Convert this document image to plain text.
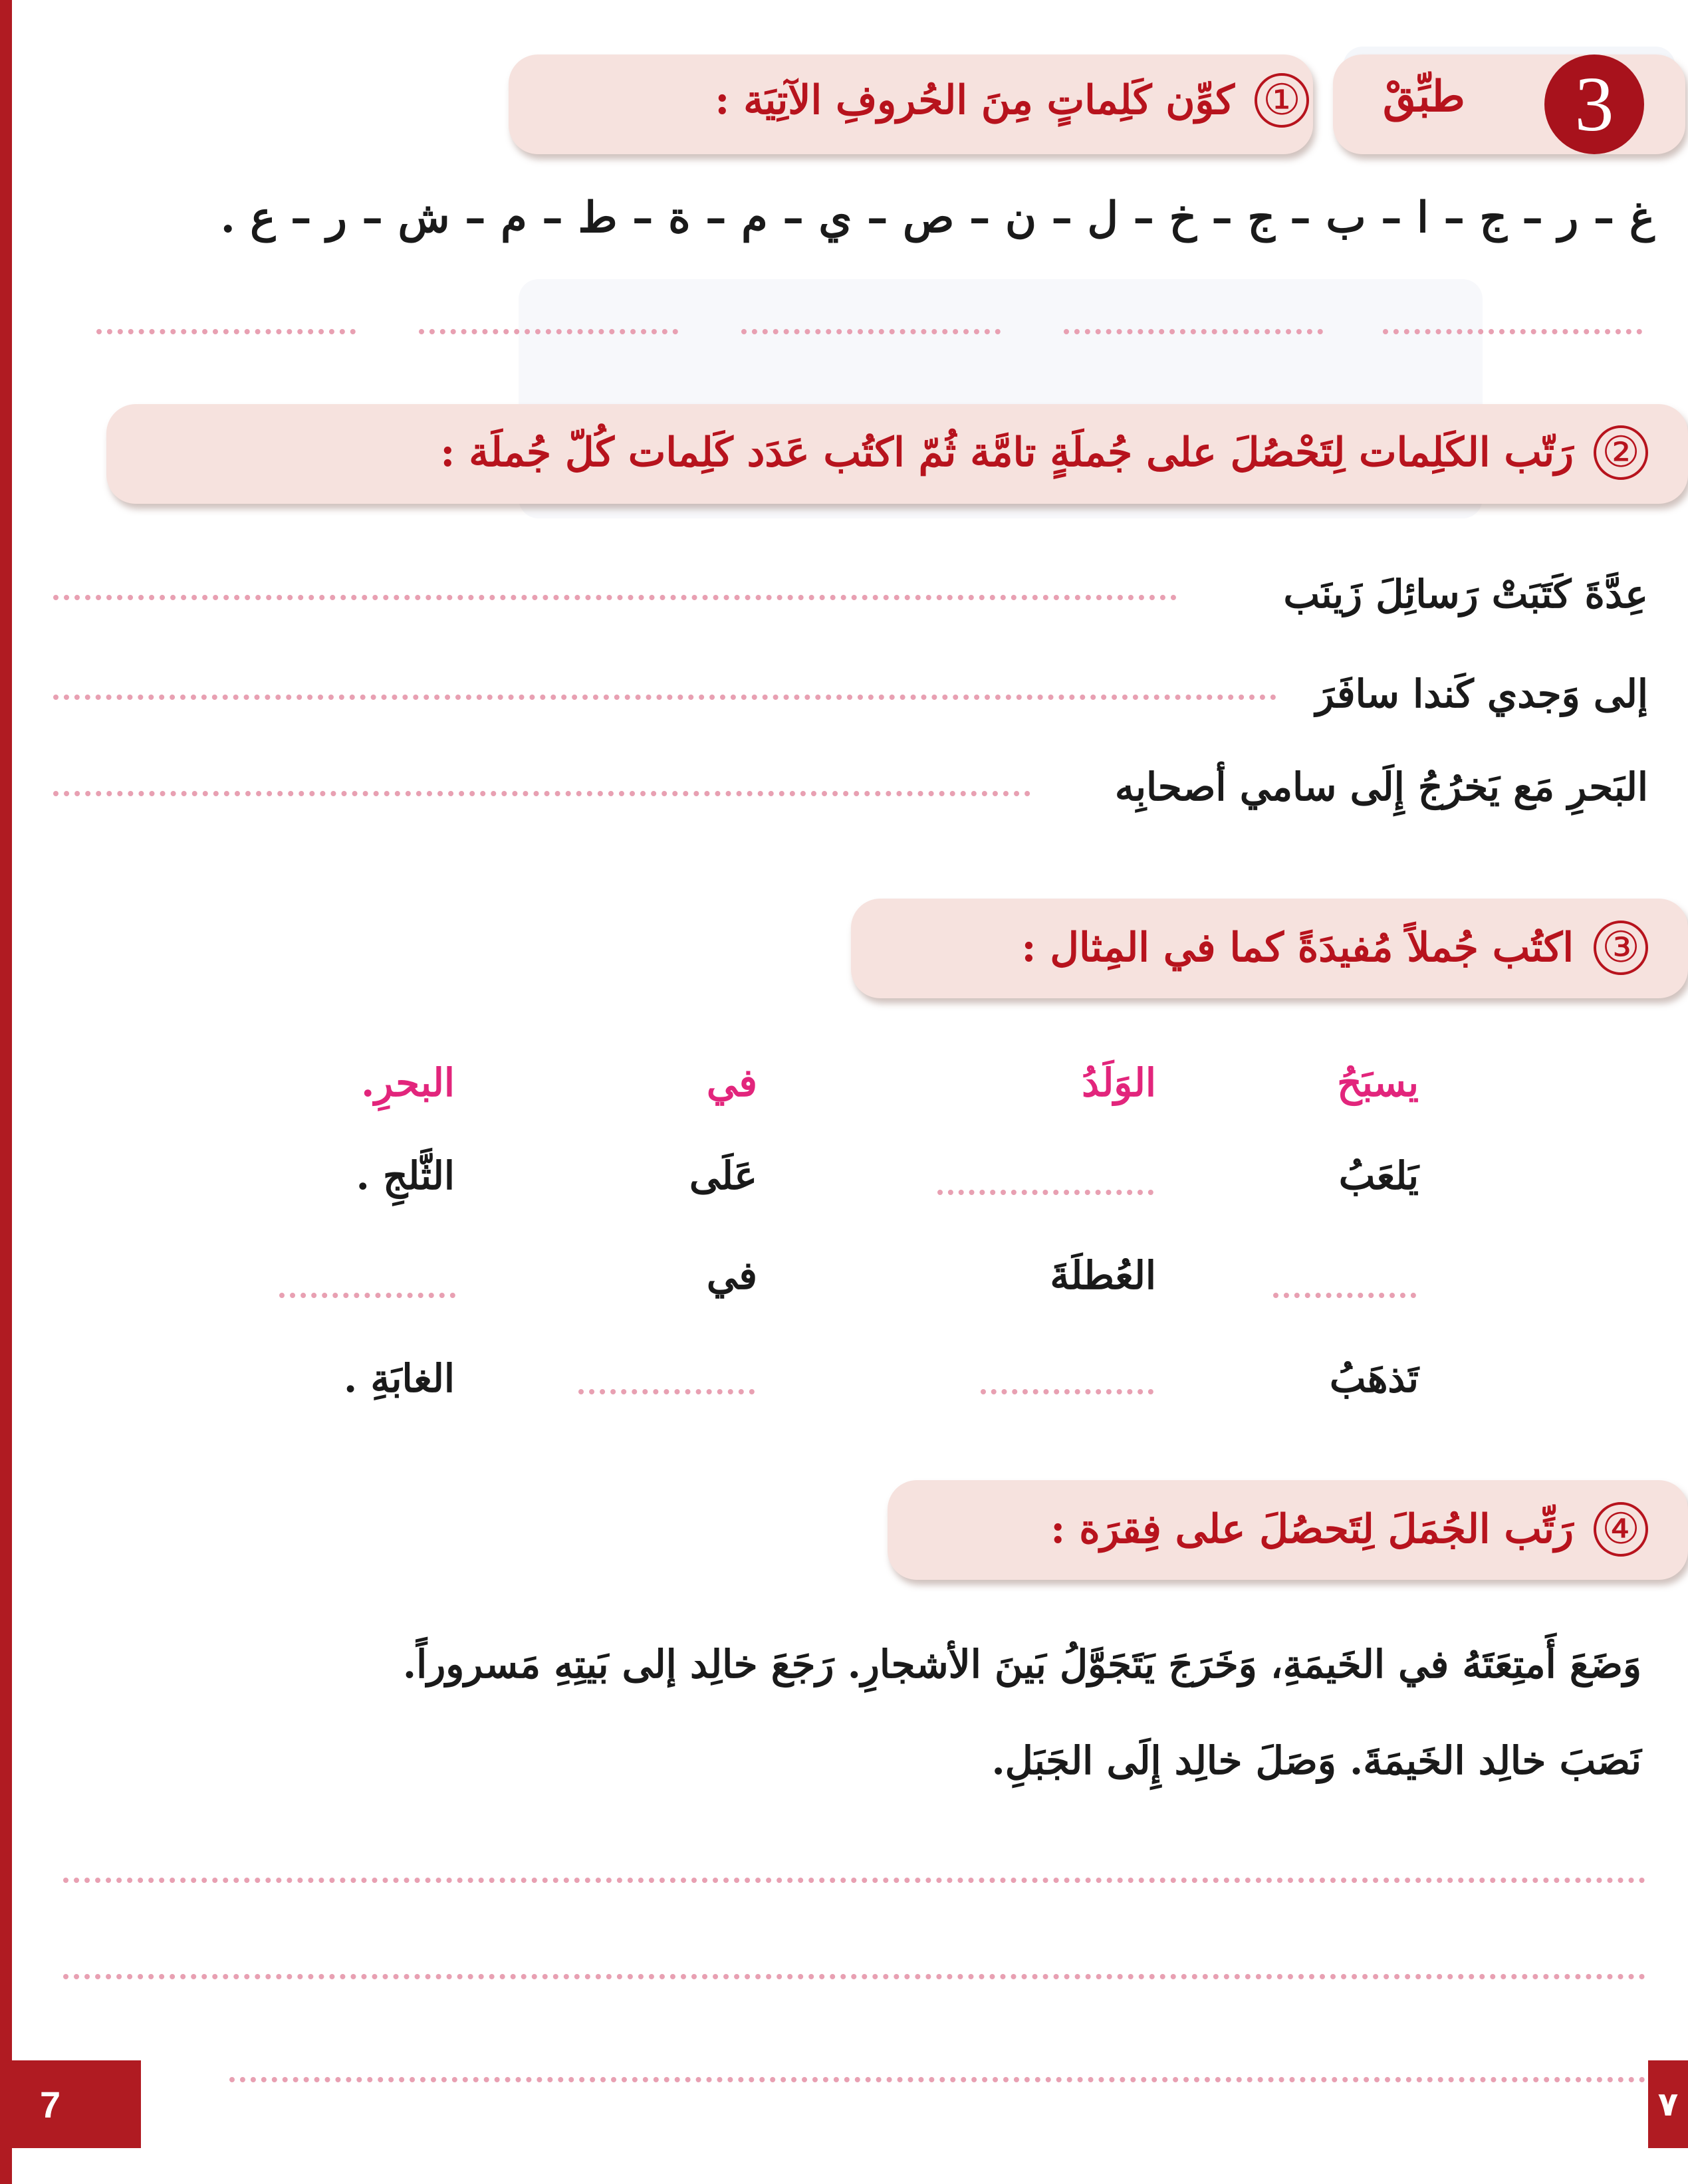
3
طبِّقْ
①
كوِّن كَلِماتٍ مِنَ الحُروفِ الآتِيَة :
غ – ر – ج – ا – ب – ج – خ – ل – ن – ص – ي – م – ة – ط – م – ش – ر – ع .
②
رَتّب الكَلِمات لِتَحْصُلَ على جُملَةٍ تامَّة ثُمّ اكتُب عَدَد كَلِمات كُلّ جُملَة :
عِدَّةَ كَتَبَتْ رَسائِلَ زَينَب
إلى وَجدي كَندا سافَرَ
البَحرِ مَع يَخرُجُ إِلَى سامي أصحابِه
③
اكتُب جُملاً مُفيدَةً كما في المِثال :
يسبَحُ
الوَلَدُ
في
البحرِ.
يَلعَبُ
عَلَى
الثَّلجِ .
العُطلَةَ
في
تَذهَبُ
الغابَةِ .
④
رَتِّب الجُمَلَ لِتَحصُلَ على فِقرَة :
وَضَعَ أَمتِعَتَهُ في الخَيمَةِ، وَخَرَجَ يَتَجَوَّلُ بَينَ الأشجارِ. رَجَعَ خالِد إلى بَيتِهِ مَسروراً.
نَصَبَ خالِد الخَيمَةَ. وَصَلَ خالِد إِلَى الجَبَلِ.
7	٧
